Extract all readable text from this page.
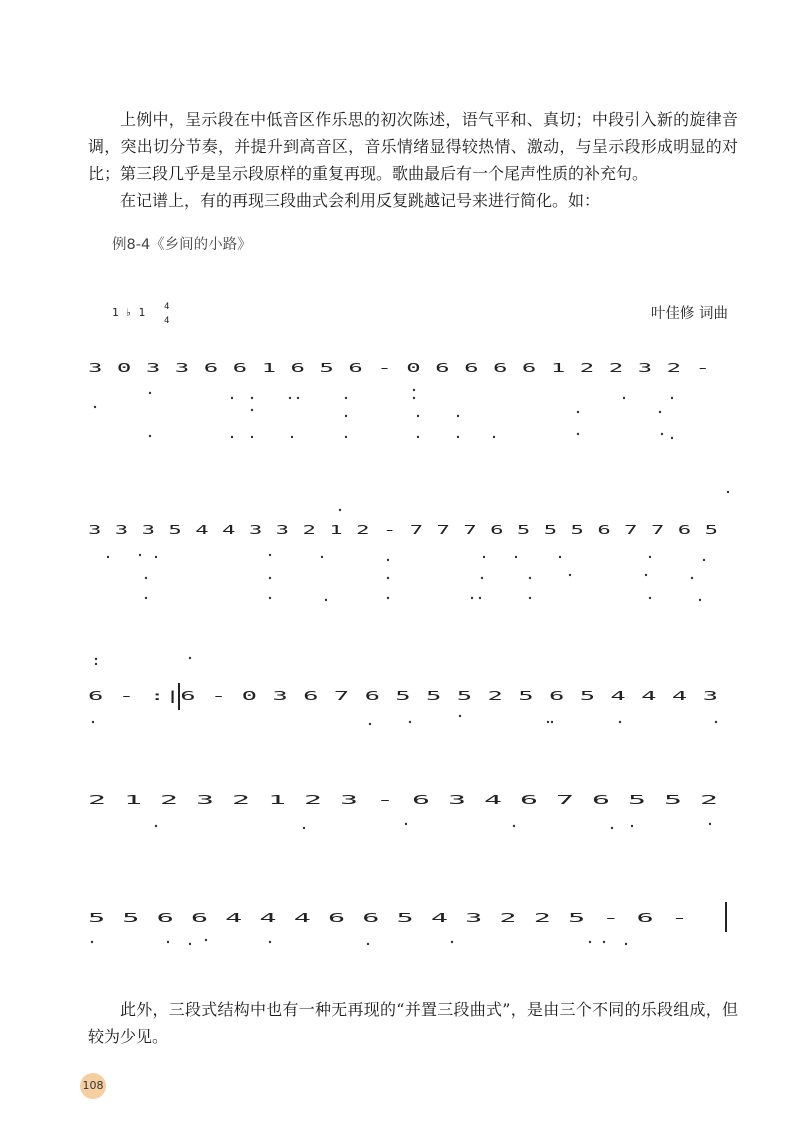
上例中，呈示段在中低音区作乐思的初次陈述，语气平和、真切；中段引入新的旋律音调，突出切分节奏，并提升到高音区，音乐情绪显得较热情、激动，与呈示段形成明显的对比；第三段几乎是呈示段原样的重复再现。歌曲最后有一个尾声性质的补充句。

在记谱上，有的再现三段曲式会利用反复跳越记号来进行简化。如：

例8-4《乡间的小路》
叶佳修 词曲
1 ♭ 1 4
4
3 0 3 3 6 6 1 6 5 6 - 0 6 6 6 6 1 2 2 3 2 -
3 3 3 5 4 4 3 3 2 1 2 - 7 7 7 6 5 5 5 6 7 7 6 5
6 - :|6 - 0 3 6 7 6 5 5 5 2 5 6 5 4 4 4 3
2 1 2 3 2 1 2 3 - 6 3 4 6 7 6 5 5 2
5 5 6 6 4 4 4 6 6 5 4 3 2 2 5 - 6 -

此外，三段式结构中也有一种无再现的“并置三段曲式”，是由三个不同的乐段组成，但较为少见。

108
